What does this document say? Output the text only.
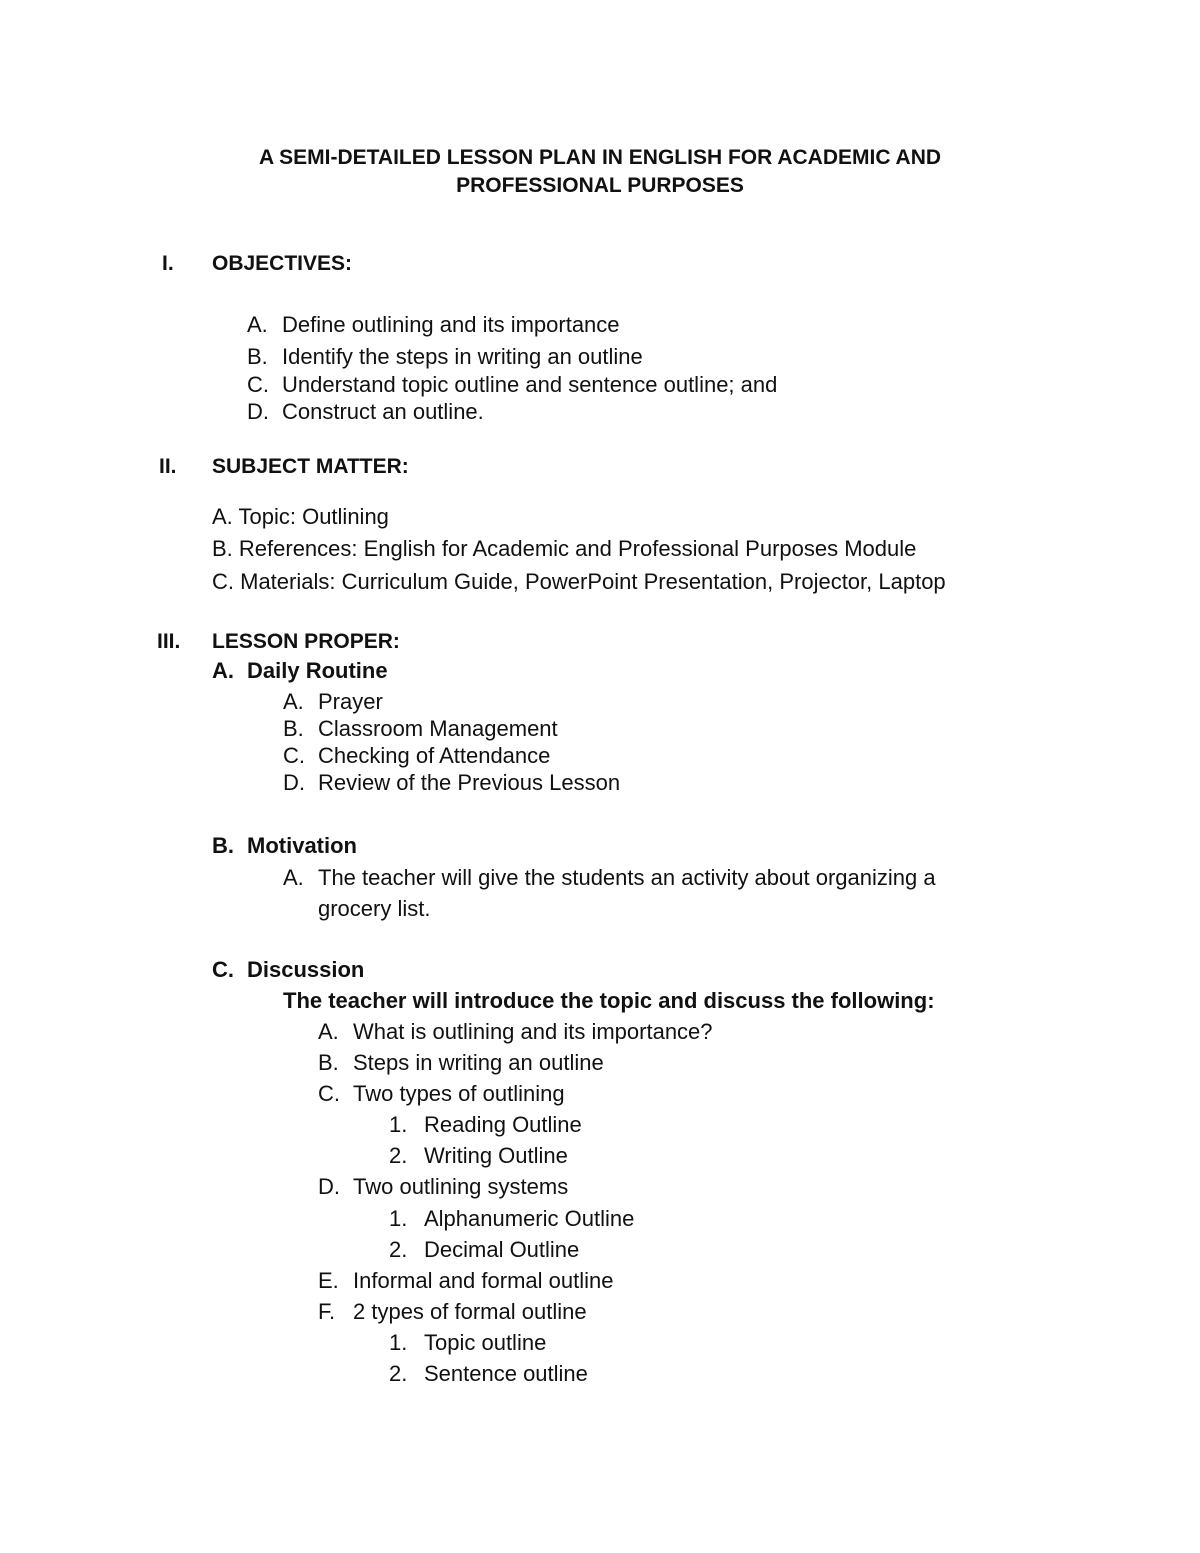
A SEMI-DETAILED LESSON PLAN IN ENGLISH FOR ACADEMIC AND
PROFESSIONAL PURPOSES
I. OBJECTIVES:
A. Define outlining and its importance
B. Identify the steps in writing an outline
C. Understand topic outline and sentence outline; and
D. Construct an outline.
II. SUBJECT MATTER:
A. Topic: Outlining
B. References: English for Academic and Professional Purposes Module
C. Materials: Curriculum Guide, PowerPoint Presentation, Projector, Laptop
III. LESSON PROPER:
A. Daily Routine
A. Prayer
B. Classroom Management
C. Checking of Attendance
D. Review of the Previous Lesson
B. Motivation
A. The teacher will give the students an activity about organizing a
grocery list.
C. Discussion
The teacher will introduce the topic and discuss the following:
A. What is outlining and its importance?
B. Steps in writing an outline
C. Two types of outlining
1. Reading Outline
2. Writing Outline
D. Two outlining systems
1. Alphanumeric Outline
2. Decimal Outline
E. Informal and formal outline
F. 2 types of formal outline
1. Topic outline
2. Sentence outline
